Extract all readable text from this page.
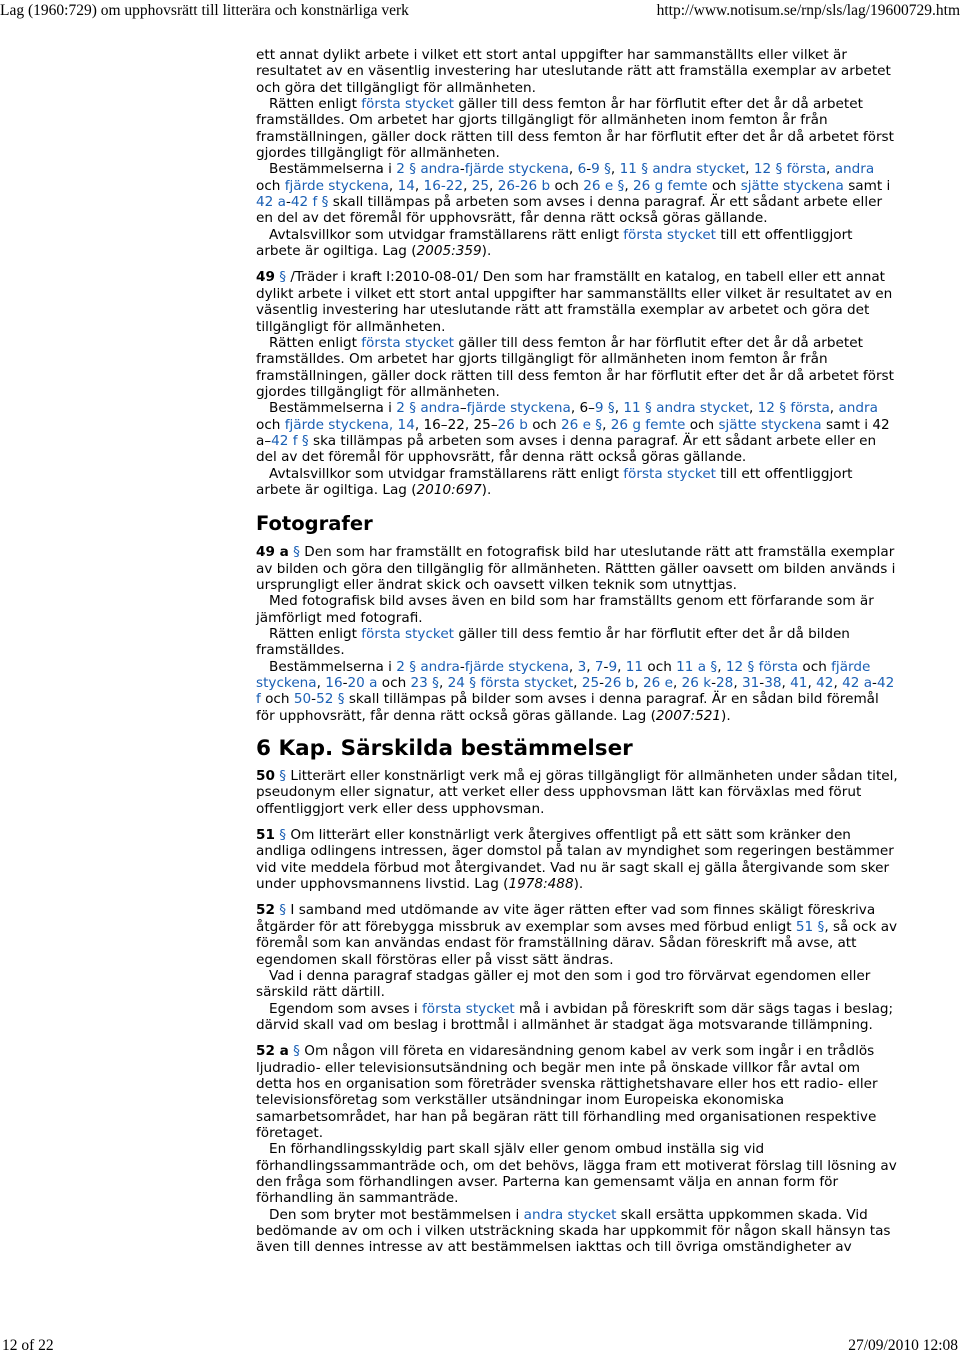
Lag (1960:729) om upphovsrätt till litterära och konstnärliga verk	http://www.notisum.se/rnp/sls/lag/19600729.htm

ett annat dylikt arbete i vilket ett stort antal uppgifter har sammanställts eller vilket är resultatet av en väsentlig investering har uteslutande rätt att framställa exemplar av arbetet och göra det tillgängligt för allmänheten.

Rätten enligt första stycket gäller till dess femton år har förflutit efter det år då arbetet framställdes. Om arbetet har gjorts tillgängligt för allmänheten inom femton år från framställningen, gäller dock rätten till dess femton år har förflutit efter det år då arbetet först gjordes tillgängligt för allmänheten.

Bestämmelserna i 2 § andra-fjärde styckena, 6-9 §, 11 § andra stycket, 12 § första, andra och fjärde styckena, 14, 16-22, 25, 26-26 b och 26 e §, 26 g femte och sjätte styckena samt i 42 a-42 f § skall tillämpas på arbeten som avses i denna paragraf. Är ett sådant arbete eller en del av det föremål för upphovsrätt, får denna rätt också göras gällande.

Avtalsvillkor som utvidgar framställarens rätt enligt första stycket till ett offentliggjort arbete är ogiltiga. Lag (2005:359).

49 § /Träder i kraft I:2010-08-01/ Den som har framställt en katalog, en tabell eller ett annat dylikt arbete i vilket ett stort antal uppgifter har sammanställts eller vilket är resultatet av en väsentlig investering har uteslutande rätt att framställa exemplar av arbetet och göra det tillgängligt för allmänheten.

Rätten enligt första stycket gäller till dess femton år har förflutit efter det år då arbetet framställdes. Om arbetet har gjorts tillgängligt för allmänheten inom femton år från framställningen, gäller dock rätten till dess femton år har förflutit efter det år då arbetet först gjordes tillgängligt för allmänheten.

Bestämmelserna i 2 § andra–fjärde styckena, 6–9 §, 11 § andra stycket, 12 § första, andra och fjärde styckena, 14, 16–22, 25–26 b och 26 e §, 26 g femte och sjätte styckena samt i 42 a–42 f § ska tillämpas på arbeten som avses i denna paragraf. Är ett sådant arbete eller en del av det föremål för upphovsrätt, får denna rätt också göras gällande.

Avtalsvillkor som utvidgar framställarens rätt enligt första stycket till ett offentliggjort arbete är ogiltiga. Lag (2010:697).

Fotografer

49 a § Den som har framställt en fotografisk bild har uteslutande rätt att framställa exemplar av bilden och göra den tillgänglig för allmänheten. Rättten gäller oavsett om bilden används i ursprungligt eller ändrat skick och oavsett vilken teknik som utnyttjas.

Med fotografisk bild avses även en bild som har framställts genom ett förfarande som är jämförligt med fotografi.

Rätten enligt första stycket gäller till dess femtio år har förflutit efter det år då bilden framställdes.

Bestämmelserna i 2 § andra-fjärde styckena, 3, 7-9, 11 och 11 a §, 12 § första och fjärde styckena, 16-20 a och 23 §, 24 § första stycket, 25-26 b, 26 e, 26 k-28, 31-38, 41, 42, 42 a-42 f och 50-52 § skall tillämpas på bilder som avses i denna paragraf. Är en sådan bild föremål för upphovsrätt, får denna rätt också göras gällande. Lag (2007:521).

6 Kap. Särskilda bestämmelser

50 § Litterärt eller konstnärligt verk må ej göras tillgängligt för allmänheten under sådan titel, pseudonym eller signatur, att verket eller dess upphovsman lätt kan förväxlas med förut offentliggjort verk eller dess upphovsman.

51 § Om litterärt eller konstnärligt verk återgives offentligt på ett sätt som kränker den andliga odlingens intressen, äger domstol på talan av myndighet som regeringen bestämmer vid vite meddela förbud mot återgivandet. Vad nu är sagt skall ej gälla återgivande som sker under upphovsmannens livstid. Lag (1978:488).

52 § I samband med utdömande av vite äger rätten efter vad som finnes skäligt föreskriva åtgärder för att förebygga missbruk av exemplar som avses med förbud enligt 51 §, så ock av föremål som kan användas endast för framställning därav. Sådan föreskrift må avse, att egendomen skall förstöras eller på visst sätt ändras.

Vad i denna paragraf stadgas gäller ej mot den som i god tro förvärvat egendomen eller särskild rätt därtill.

Egendom som avses i första stycket må i avbidan på föreskrift som där sägs tagas i beslag; därvid skall vad om beslag i brottmål i allmänhet är stadgat äga motsvarande tillämpning.

52 a § Om någon vill företa en vidaresändning genom kabel av verk som ingår i en trådlös ljudradio- eller televisionsutsändning och begär men inte på önskade villkor får avtal om detta hos en organisation som företräder svenska rättighetshavare eller hos ett radio- eller televisionsföretag som verkställer utsändningar inom Europeiska ekonomiska samarbetsområdet, har han på begäran rätt till förhandling med organisationen respektive företaget.

En förhandlingsskyldig part skall själv eller genom ombud inställa sig vid förhandlingssammanträde och, om det behövs, lägga fram ett motiverat förslag till lösning av den fråga som förhandlingen avser. Parterna kan gemensamt välja en annan form för förhandling än sammanträde.

Den som bryter mot bestämmelsen i andra stycket skall ersätta uppkommen skada. Vid bedömande av om och i vilken utsträckning skada har uppkommit för någon skall hänsyn tas även till dennes intresse av att bestämmelsen iakttas och till övriga omständigheter av

12 of 22	27/09/2010 12:08
